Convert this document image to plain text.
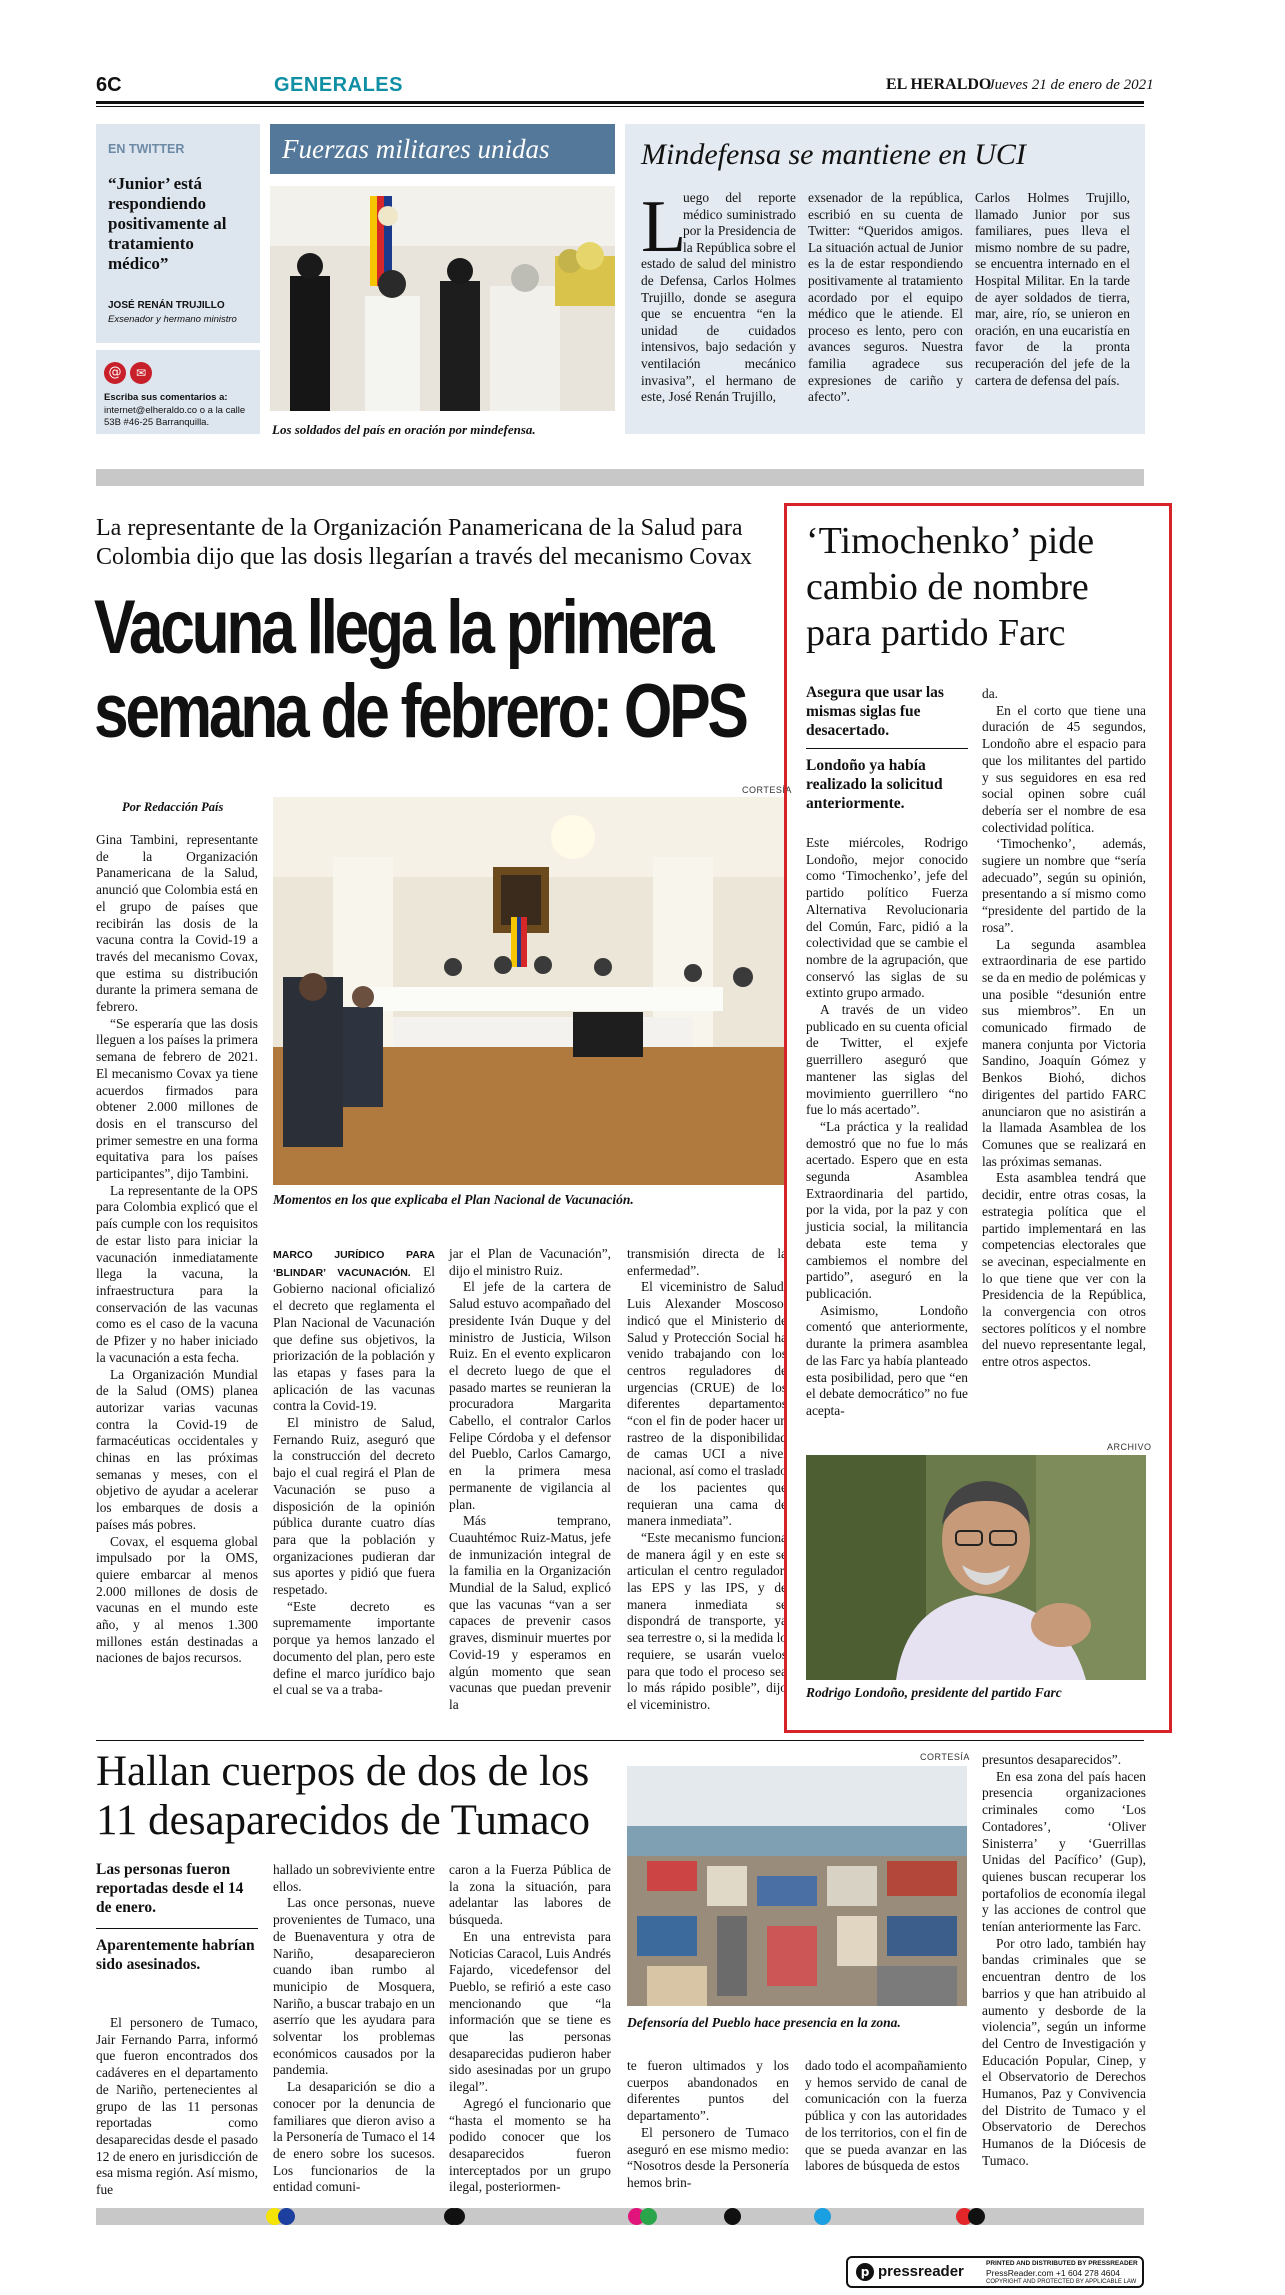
6C	GENERALES	EL HERALDO
Jueves 21 de enero de 2021
EN TWITTER
“Junior’ está respondiendo positivamente al tratamiento médico”
JOSÉ RENÁN TRUJILLO
Exsenador y hermano ministro
@	✉
Escriba sus comentarios a:
internet@elheraldo.co o a la calle 53B #46-25 Barranquilla.
Fuerzas militares unidas
Los soldados del país en oración por mindefensa.
Mindefensa se mantiene en UCI
L
uego del reporte médico suministrado por la Presidencia de la República sobre el estado de salud del ministro de Defensa, Carlos Holmes Trujillo, donde se asegura que se encuentra “en la unidad de cuidados intensivos, bajo sedación y ventilación mecánico invasiva”, el hermano de este, José Renán Trujillo,
exsenador de la república, escribió en su cuenta de Twitter: “Queridos amigos. La situación actual de Junior es la de estar respondiendo positivamente al tratamiento acordado por el equipo médico que le atiende. El proceso es lento, pero con avances seguros. Nuestra familia agradece sus expresiones de cariño y afecto”.
Carlos Holmes Trujillo, llamado Junior por sus familiares, pues lleva el mismo nombre de su padre, se encuentra internado en el Hospital Militar. En la tarde de ayer soldados de tierra, mar, aire, río, se unieron en oración, en una eucaristía en favor de la pronta recuperación del jefe de la cartera de defensa del país.
La representante de la Organización Panamericana de la Salud para Colombia dijo que las dosis llegarían a través del mecanismo Covax
Vacuna llega la primera semana de febrero: OPS
Por Redacción País
CORTESÍA
Momentos en los que explicaba el Plan Nacional de Vacunación.

Gina Tambini, representante de la Organización Panamericana de la Salud, anunció que Colombia está en el grupo de países que recibirán las dosis de la vacuna contra la Covid-19 a través del mecanismo Covax, que estima su distribución durante la primera semana de febrero.

“Se esperaría que las dosis lleguen a los países la primera semana de febrero de 2021. El mecanismo Covax ya tiene acuerdos firmados para obtener 2.000 millones de dosis en el transcurso del primer semestre en una forma equitativa para los países participantes”, dijo Tambini.

La representante de la OPS para Colombia explicó que el país cumple con los requisitos de estar listo para iniciar la vacunación inmediatamente llega la vacuna, la infraestructura para la conservación de las vacunas como es el caso de la vacuna de Pfizer y no haber iniciado la vacunación a esta fecha.

La Organización Mundial de la Salud (OMS) planea autorizar varias vacunas contra la Covid-19 de farmacéuticas occidentales y chinas en las próximas semanas y meses, con el objetivo de ayudar a acelerar los embarques de dosis a países más pobres.

Covax, el esquema global impulsado por la OMS, quiere embarcar al menos 2.000 millones de dosis de vacunas en el mundo este año, y al menos 1.300 millones están destinadas a naciones de bajos recursos.

MARCO JURÍDICO PARA ‘BLINDAR’ VACUNACIÓN. El Gobierno nacional oficializó el decreto que reglamenta el Plan Nacional de Vacunación que define sus objetivos, la priorización de la población y las etapas y fases para la aplicación de las vacunas contra la Covid-19.

El ministro de Salud, Fernando Ruiz, aseguró que la construcción del decreto bajo el cual regirá el Plan de Vacunación se puso a disposición de la opinión pública durante cuatro días para que la población y organizaciones pudieran dar sus aportes y pidió que fuera respetado.

“Este decreto es supremamente importante porque ya hemos lanzado el documento del plan, pero este define el marco jurídico bajo el cual se va a traba-

jar el Plan de Vacunación”, dijo el ministro Ruiz.

El jefe de la cartera de Salud estuvo acompañado del presidente Iván Duque y del ministro de Justicia, Wilson Ruiz. En el evento explicaron el decreto luego de que el pasado martes se reunieran la procuradora Margarita Cabello, el contralor Carlos Felipe Córdoba y el defensor del Pueblo, Carlos Camargo, en la primera mesa permanente de vigilancia al plan.

Más temprano, Cuauhtémoc Ruiz-Matus, jefe de inmunización integral de la familia en la Organización Mundial de la Salud, explicó que las vacunas “van a ser capaces de prevenir casos graves, disminuir muertes por Covid-19 y esperamos en algún momento que sean vacunas que puedan prevenir la

transmisión directa de la enfermedad”.

El viceministro de Salud, Luis Alexander Moscoso, indicó que el Ministerio de Salud y Protección Social ha venido trabajando con los centros reguladores de urgencias (CRUE) de los diferentes departamentos “con el fin de poder hacer un rastreo de la disponibilidad de camas UCI a nivel nacional, así como el traslado de los pacientes que requieran una cama de manera inmediata”.

“Este mecanismo funciona de manera ágil y en este se articulan el centro regulador, las EPS y las IPS, y de manera inmediata se dispondrá de transporte, ya sea terrestre o, si la medida lo requiere, se usarán vuelos para que todo el proceso sea lo más rápido posible”, dijo el viceministro.

‘Timochenko’ pide cambio de nombre para partido Farc
Asegura que usar las mismas siglas fue desacertado.
Londoño ya había realizado la solicitud anteriormente.

Este miércoles, Rodrigo Londoño, mejor conocido como ‘Timochenko’, jefe del partido político Fuerza Alternativa Revolucionaria del Común, Farc, pidió a la colectividad que se cambie el nombre de la agrupación, que conservó las siglas de su extinto grupo armado.

A través de un video publicado en su cuenta oficial de Twitter, el exjefe guerrillero aseguró que mantener las siglas del movimiento guerrillero “no fue lo más acertado”.

“La práctica y la realidad demostró que no fue lo más acertado. Espero que en esta segunda Asamblea Extraordinaria del partido, por la vida, por la paz y con justicia social, la militancia debata este tema y cambiemos el nombre del partido”, aseguró en la publicación.

Asimismo, Londoño comentó que anteriormente, durante la primera asamblea de las Farc ya había planteado esta posibilidad, pero que “en el debate democrático” no fue acepta-

da.

En el corto que tiene una duración de 45 segundos, Londoño abre el espacio para que los militantes del partido y sus seguidores en esa red social opinen sobre cuál debería ser el nombre de esa colectividad política.

‘Timochenko’, además, sugiere un nombre que “sería adecuado”, según su opinión, presentando a sí mismo como “presidente del partido de la rosa”.

La segunda asamblea extraordinaria de ese partido se da en medio de polémicas y una posible “desunión entre sus miembros”. En un comunicado firmado de manera conjunta por Victoria Sandino, Joaquín Gómez y Benkos Biohó, dichos dirigentes del partido FARC anunciaron que no asistirán a la llamada Asamblea de los Comunes que se realizará en las próximas semanas.

Esta asamblea tendrá que decidir, entre otras cosas, la estrategia política que el partido implementará en las competencias electorales que se avecinan, especialmente en lo que tiene que ver con la Presidencia de la República, la convergencia con otros sectores políticos y el nombre del nuevo representante legal, entre otros aspectos.

ARCHIVO
Rodrigo Londoño, presidente del partido Farc
Hallan cuerpos de dos de los 11 desaparecidos de Tumaco
Las personas fueron reportadas desde el 14 de enero.
Aparentemente habrían sido asesinados.

El personero de Tumaco, Jair Fernando Parra, informó que fueron encontrados dos cadáveres en el departamento de Nariño, pertenecientes al grupo de las 11 personas reportadas como desaparecidas desde el pasado 12 de enero en jurisdicción de esa misma región. Así mismo, fue

hallado un sobreviviente entre ellos.

Las once personas, nueve provenientes de Tumaco, una de Buenaventura y otra de Nariño, desaparecieron cuando iban rumbo al municipio de Mosquera, Nariño, a buscar trabajo en un aserrío que les ayudara para solventar los problemas económicos causados por la pandemia.

La desaparición se dio a conocer por la denuncia de familiares que dieron aviso a la Personería de Tumaco el 14 de enero sobre los sucesos. Los funcionarios de la entidad comuni-

caron a la Fuerza Pública de la zona la situación, para adelantar las labores de búsqueda.

En una entrevista para Noticias Caracol, Luis Andrés Fajardo, vicedefensor del Pueblo, se refirió a este caso mencionando que “la información que se tiene es que las personas desaparecidas pudieron haber sido asesinadas por un grupo ilegal”.

Agregó el funcionario que “hasta el momento se ha podido conocer que los desaparecidos fueron interceptados por un grupo ilegal, posteriormen-

CORTESÍA
Defensoría del Pueblo hace presencia en la zona.

te fueron ultimados y los cuerpos abandonados en diferentes puntos del departamento”.

El personero de Tumaco aseguró en ese mismo medio: “Nosotros desde la Personería hemos brin-

dado todo el acompañamiento y hemos servido de canal de comunicación con la fuerza pública y con las autoridades de los territorios, con el fin de que se pueda avanzar en las labores de búsqueda de estos

presuntos desaparecidos”.

En esa zona del país hacen presencia organizaciones criminales como ‘Los Contadores’, ‘Oliver Sinisterra’ y ‘Guerrillas Unidas del Pacífico’ (Gup), quienes buscan recuperar los portafolios de economía ilegal y las acciones de control que tenían anteriormente las Farc.

Por otro lado, también hay bandas criminales que se encuentran dentro de los barrios y que han atribuido al aumento y desborde de la violencia”, según un informe del Centro de Investigación y Educación Popular, Cinep, y el Observatorio de Derechos Humanos, Paz y Convivencia del Distrito de Tumaco y el Observatorio de Derechos Humanos de la Diócesis de Tumaco.

p pressreader	PRINTED AND DISTRIBUTED BY PRESSREADER
PressReader.com +1 604 278 4604
COPYRIGHT AND PROTECTED BY APPLICABLE LAW
